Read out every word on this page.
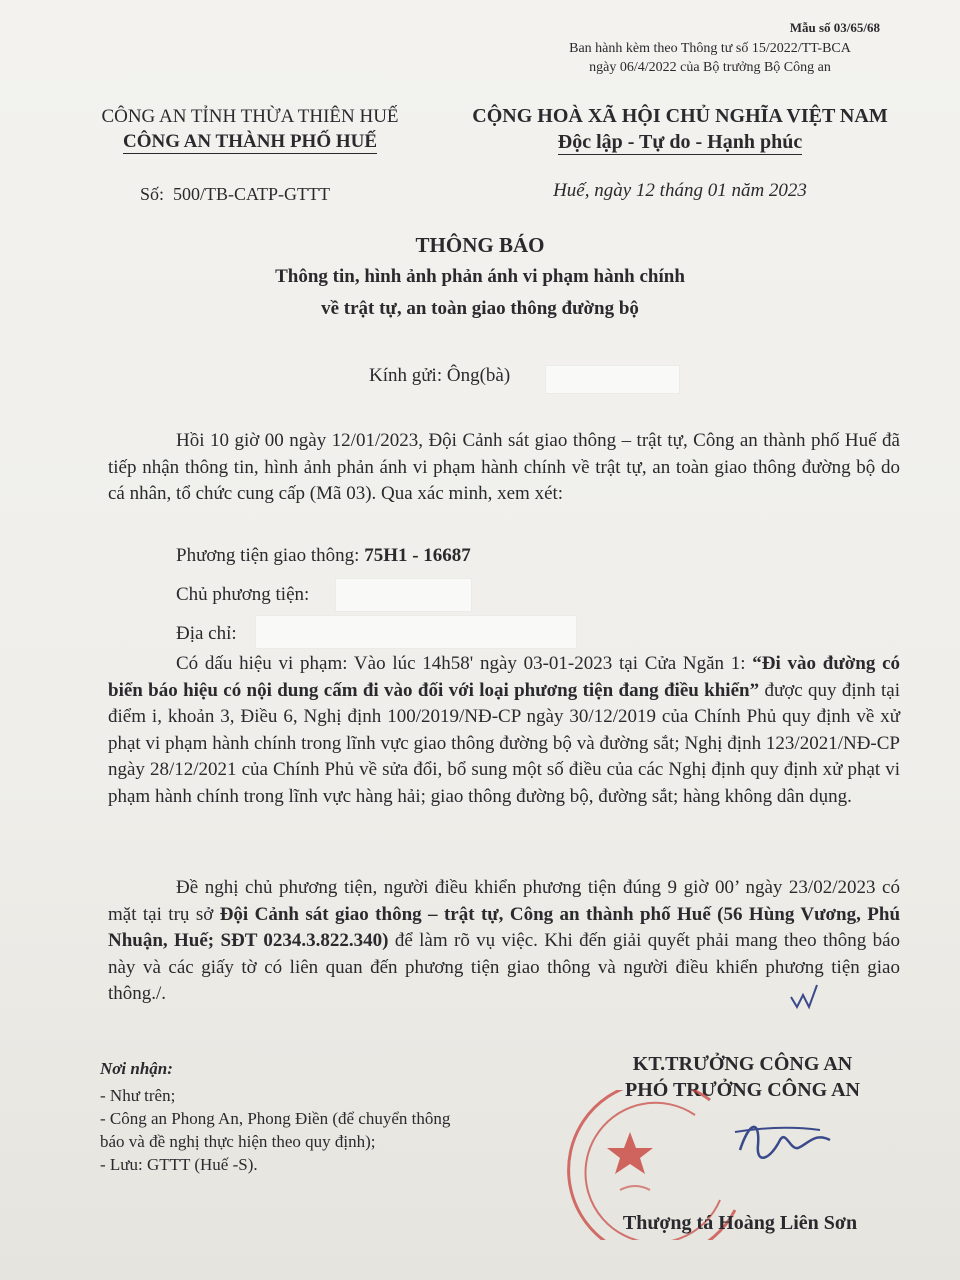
Mẫu số 03/65/68
Ban hành kèm theo Thông tư số 15/2022/TT-BCA
ngày 06/4/2022 của Bộ trưởng Bộ Công an
CÔNG AN TỈNH THỪA THIÊN HUẾ
CÔNG AN THÀNH PHỐ HUẾ
Số: 500/TB-CATP-GTTT
CỘNG HOÀ XÃ HỘI CHỦ NGHĨA VIỆT NAM
Độc lập - Tự do - Hạnh phúc
Huế, ngày 12 tháng 01 năm 2023
THÔNG BÁO
Thông tin, hình ảnh phản ánh vi phạm hành chính
về trật tự, an toàn giao thông đường bộ
Kính gửi: Ông(bà)
Hồi 10 giờ 00 ngày 12/01/2023, Đội Cảnh sát giao thông – trật tự, Công an thành phố Huế đã tiếp nhận thông tin, hình ảnh phản ánh vi phạm hành chính về trật tự, an toàn giao thông đường bộ do cá nhân, tổ chức cung cấp (Mã 03). Qua xác minh, xem xét:
Phương tiện giao thông: 75H1 - 16687
Chủ phương tiện:
Địa chỉ:
Có dấu hiệu vi phạm: Vào lúc 14h58' ngày 03-01-2023 tại Cửa Ngăn 1: “Đi vào đường có biển báo hiệu có nội dung cấm đi vào đối với loại phương tiện đang điều khiển” được quy định tại điểm i, khoản 3, Điều 6, Nghị định 100/2019/NĐ-CP ngày 30/12/2019 của Chính Phủ quy định về xử phạt vi phạm hành chính trong lĩnh vực giao thông đường bộ và đường sắt; Nghị định 123/2021/NĐ-CP ngày 28/12/2021 của Chính Phủ về sửa đổi, bổ sung một số điều của các Nghị định quy định xử phạt vi phạm hành chính trong lĩnh vực hàng hải; giao thông đường bộ, đường sắt; hàng không dân dụng.
Đề nghị chủ phương tiện, người điều khiển phương tiện đúng 9 giờ 00’ ngày 23/02/2023 có mặt tại trụ sở Đội Cảnh sát giao thông – trật tự, Công an thành phố Huế (56 Hùng Vương, Phú Nhuận, Huế; SĐT 0234.3.822.340) để làm rõ vụ việc. Khi đến giải quyết phải mang theo thông báo này và các giấy tờ có liên quan đến phương tiện giao thông và người điều khiển phương tiện giao thông./.
Nơi nhận:
- Như trên;
- Công an Phong An, Phong Điền (để chuyển thông
báo và đề nghị thực hiện theo quy định);
- Lưu: GTTT (Huế -S).
KT.TRƯỞNG CÔNG AN
PHÓ TRƯỞNG CÔNG AN
Thượng tá Hoàng Liên Sơn
